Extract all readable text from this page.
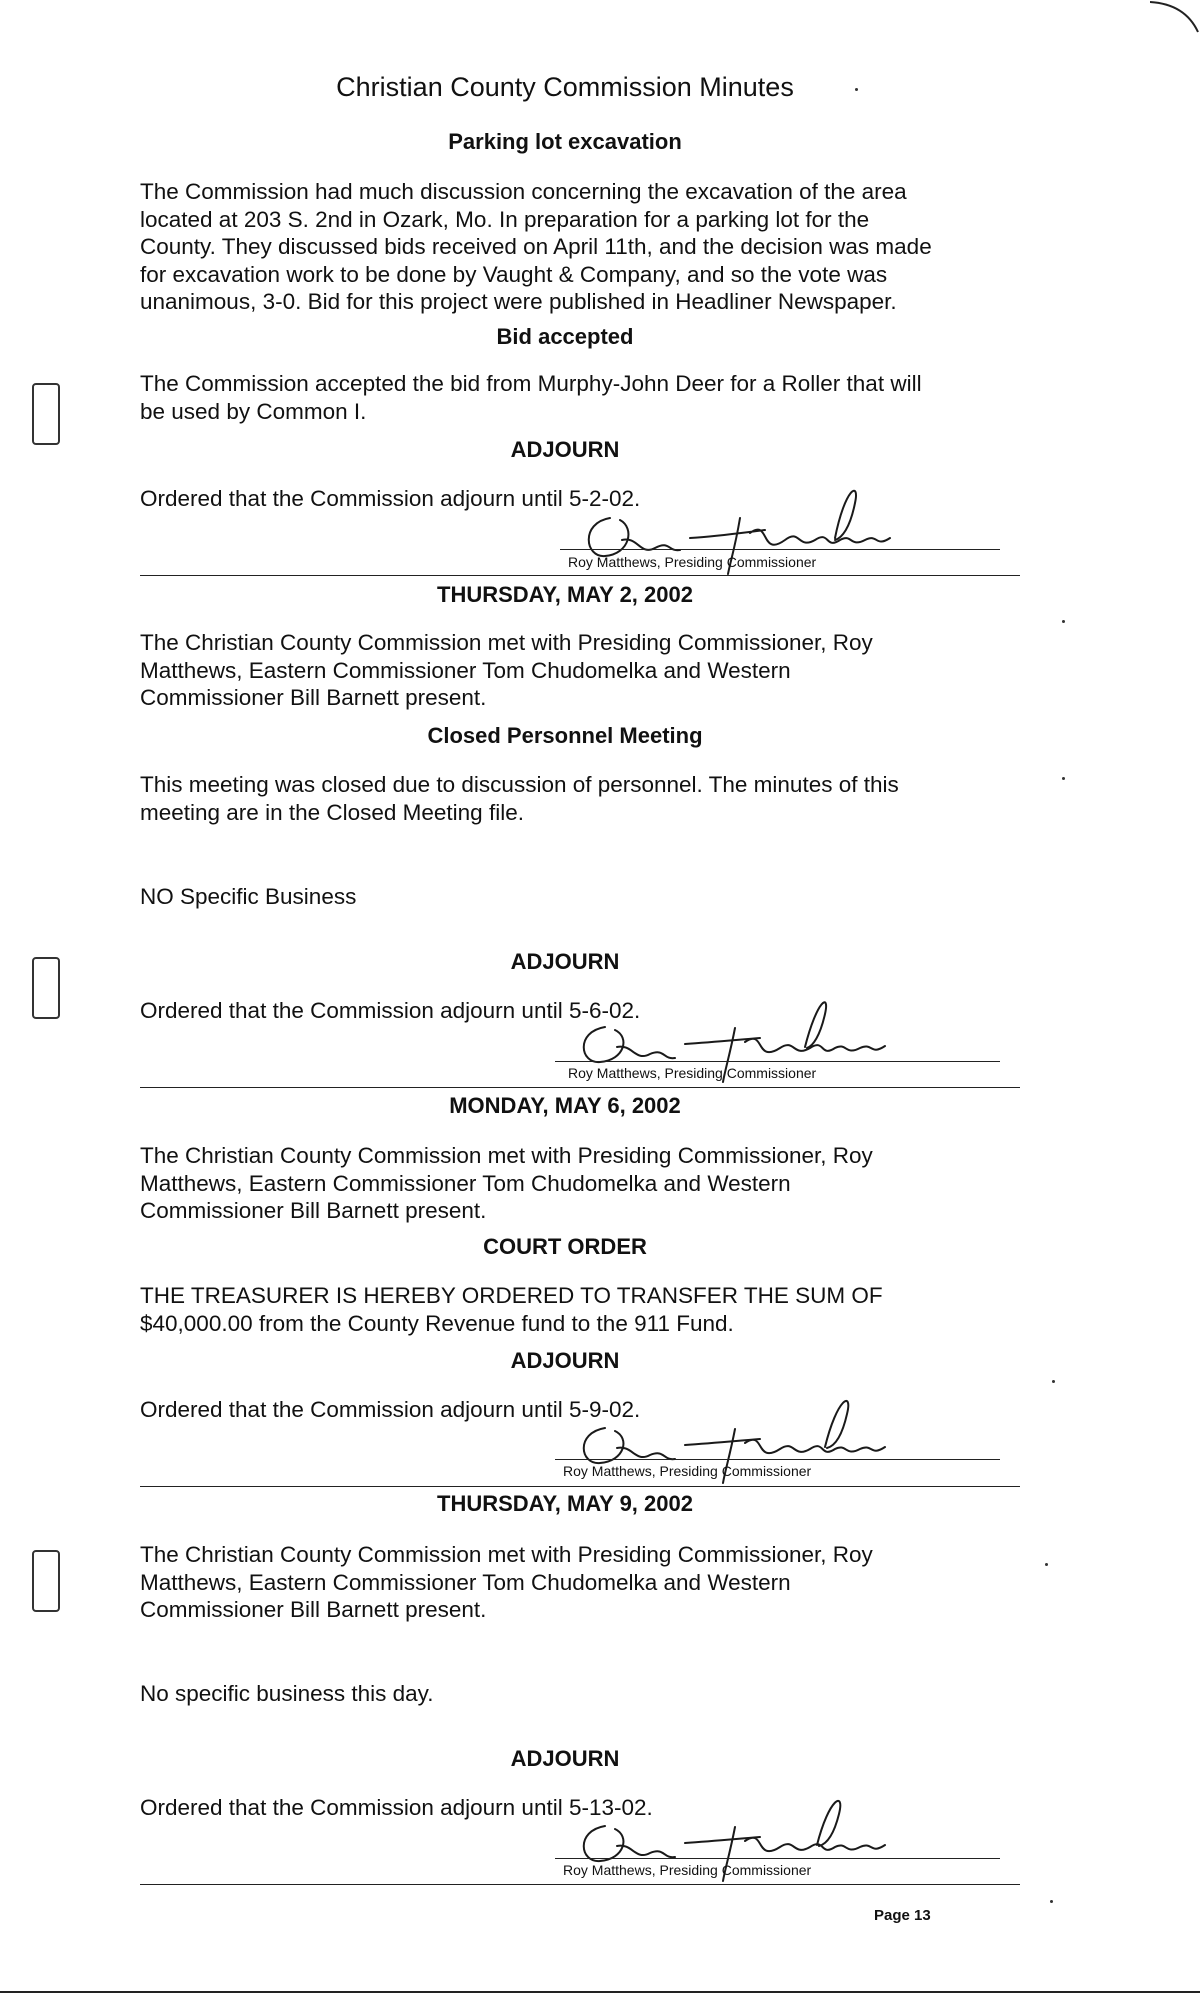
Christian County Commission Minutes
Parking lot excavation
The Commission had much discussion concerning the excavation of the area
located at 203 S. 2nd in Ozark, Mo. In preparation for a parking lot for the
County. They discussed bids received on April 11th, and the decision was made
for excavation work to be done by Vaught & Company, and so the vote was
unanimous, 3-0. Bid for this project were published in Headliner Newspaper.
Bid accepted
The Commission accepted the bid from Murphy-John Deer for a Roller that will
be used by Common I.
ADJOURN
Ordered that the Commission adjourn until 5-2-02.
Roy Matthews, Presiding Commissioner
THURSDAY, MAY 2, 2002
The Christian County Commission met with Presiding Commissioner, Roy
Matthews, Eastern Commissioner Tom Chudomelka and Western
Commissioner Bill Barnett present.
Closed Personnel Meeting
This meeting was closed due to discussion of personnel. The minutes of this
meeting are in the Closed Meeting file.
NO Specific Business
ADJOURN
Ordered that the Commission adjourn until 5-6-02.
Roy Matthews, Presiding Commissioner
MONDAY, MAY 6, 2002
The Christian County Commission met with Presiding Commissioner, Roy
Matthews, Eastern Commissioner Tom Chudomelka and Western
Commissioner Bill Barnett present.
COURT ORDER
THE TREASURER IS HEREBY ORDERED TO TRANSFER THE SUM OF
$40,000.00 from the County Revenue fund to the 911 Fund.
ADJOURN
Ordered that the Commission adjourn until 5-9-02.
Roy Matthews, Presiding Commissioner
THURSDAY, MAY 9, 2002
The Christian County Commission met with Presiding Commissioner, Roy
Matthews, Eastern Commissioner Tom Chudomelka and Western
Commissioner Bill Barnett present.
No specific business this day.
ADJOURN
Ordered that the Commission adjourn until 5-13-02.
Roy Matthews, Presiding Commissioner
Page 13
